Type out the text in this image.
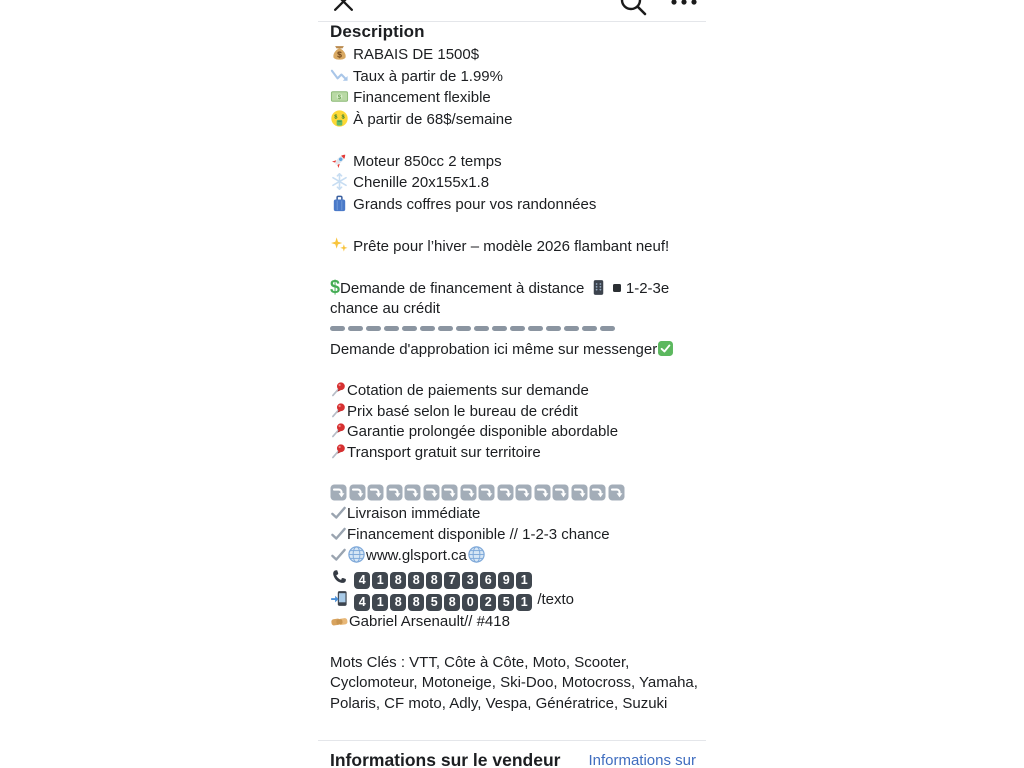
Description
$ RABAIS DE 1500$
Taux à partir de 1.99%
$ Financement flexible
$ $ À partir de 68$/semaine
Moteur 850cc 2 temps
Chenille 20x155x1.8
Grands coffres pour vos randonnées
Prête pour l’hiver – modèle 2026 flambant neuf!
$Demande de financement à distance
1-2-3e chance au crédit
Demande d'approbation ici même sur messenger
Cotation de paiements sur demande
Prix basé selon le bureau de crédit
Garantie prolongée disponible abordable
Transport gratuit sur territoire
Livraison immédiate
Financement disponible // 1-2-3 chance
www.glsport.ca
4 1 8 8 8 7 3 6 9 1
4 1 8 8 5 8 0 2 5 1 /texto
Gabriel Arsenault// #418
Mots Clés : VTT, Côte à Côte, Moto, Scooter, Cyclomoteur, Motoneige, Ski-Doo, Motocross, Yamaha, Polaris, CF moto, Adly, Vespa, Génératrice, Suzuki
Informations sur le vendeur Informations sur
